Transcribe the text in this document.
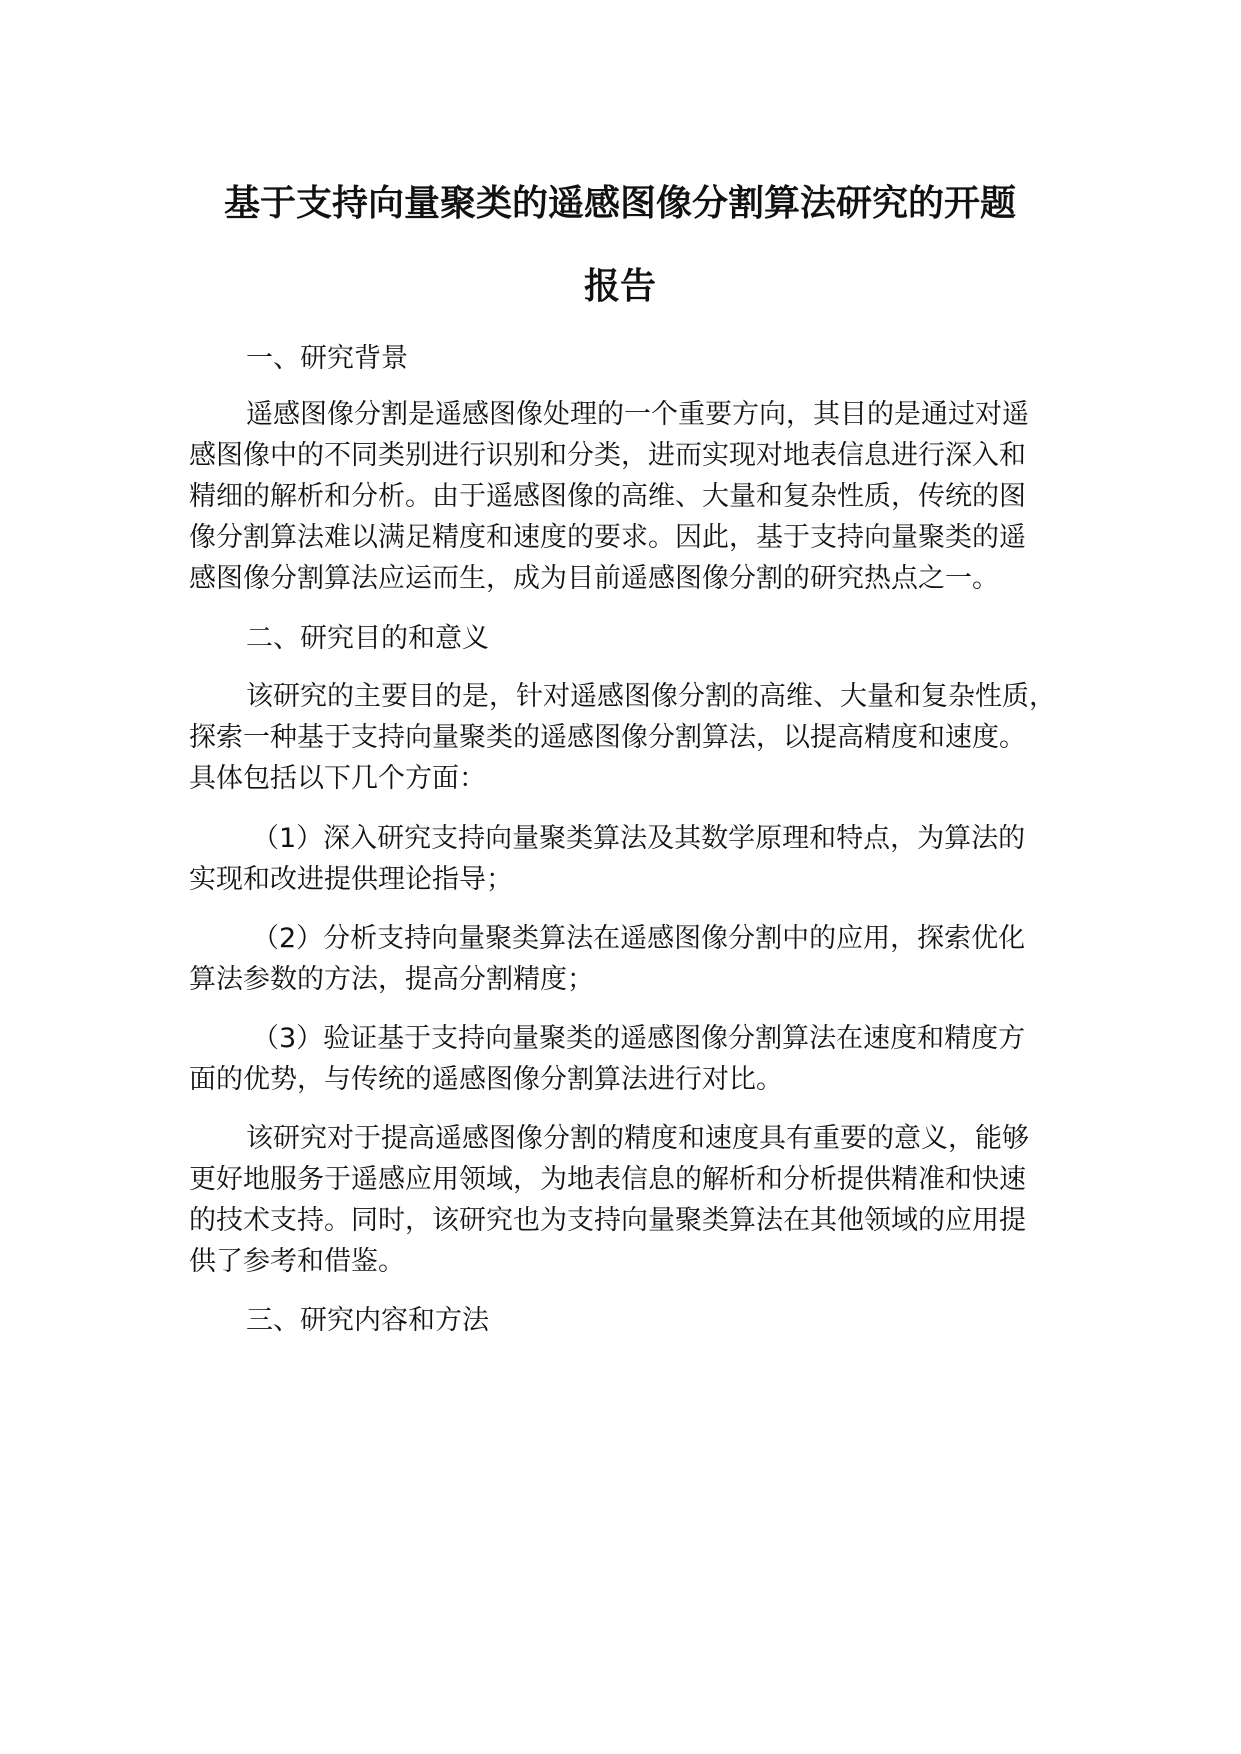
基于支持向量聚类的遥感图像分割算法研究的开题
报告
一、研究背景
遥感图像分割是遥感图像处理的一个重要方向，其目的是通过对遥
感图像中的不同类别进行识别和分类，进而实现对地表信息进行深入和
精细的解析和分析。由于遥感图像的高维、大量和复杂性质，传统的图
像分割算法难以满足精度和速度的要求。因此，基于支持向量聚类的遥
感图像分割算法应运而生，成为目前遥感图像分割的研究热点之一。
二、研究目的和意义
该研究的主要目的是，针对遥感图像分割的高维、大量和复杂性质，
探索一种基于支持向量聚类的遥感图像分割算法，以提高精度和速度。
具体包括以下几个方面：
（1）深入研究支持向量聚类算法及其数学原理和特点，为算法的
实现和改进提供理论指导；
（2）分析支持向量聚类算法在遥感图像分割中的应用，探索优化
算法参数的方法，提高分割精度；
（3）验证基于支持向量聚类的遥感图像分割算法在速度和精度方
面的优势，与传统的遥感图像分割算法进行对比。
该研究对于提高遥感图像分割的精度和速度具有重要的意义，能够
更好地服务于遥感应用领域，为地表信息的解析和分析提供精准和快速
的技术支持。同时，该研究也为支持向量聚类算法在其他领域的应用提
供了参考和借鉴。
三、研究内容和方法
